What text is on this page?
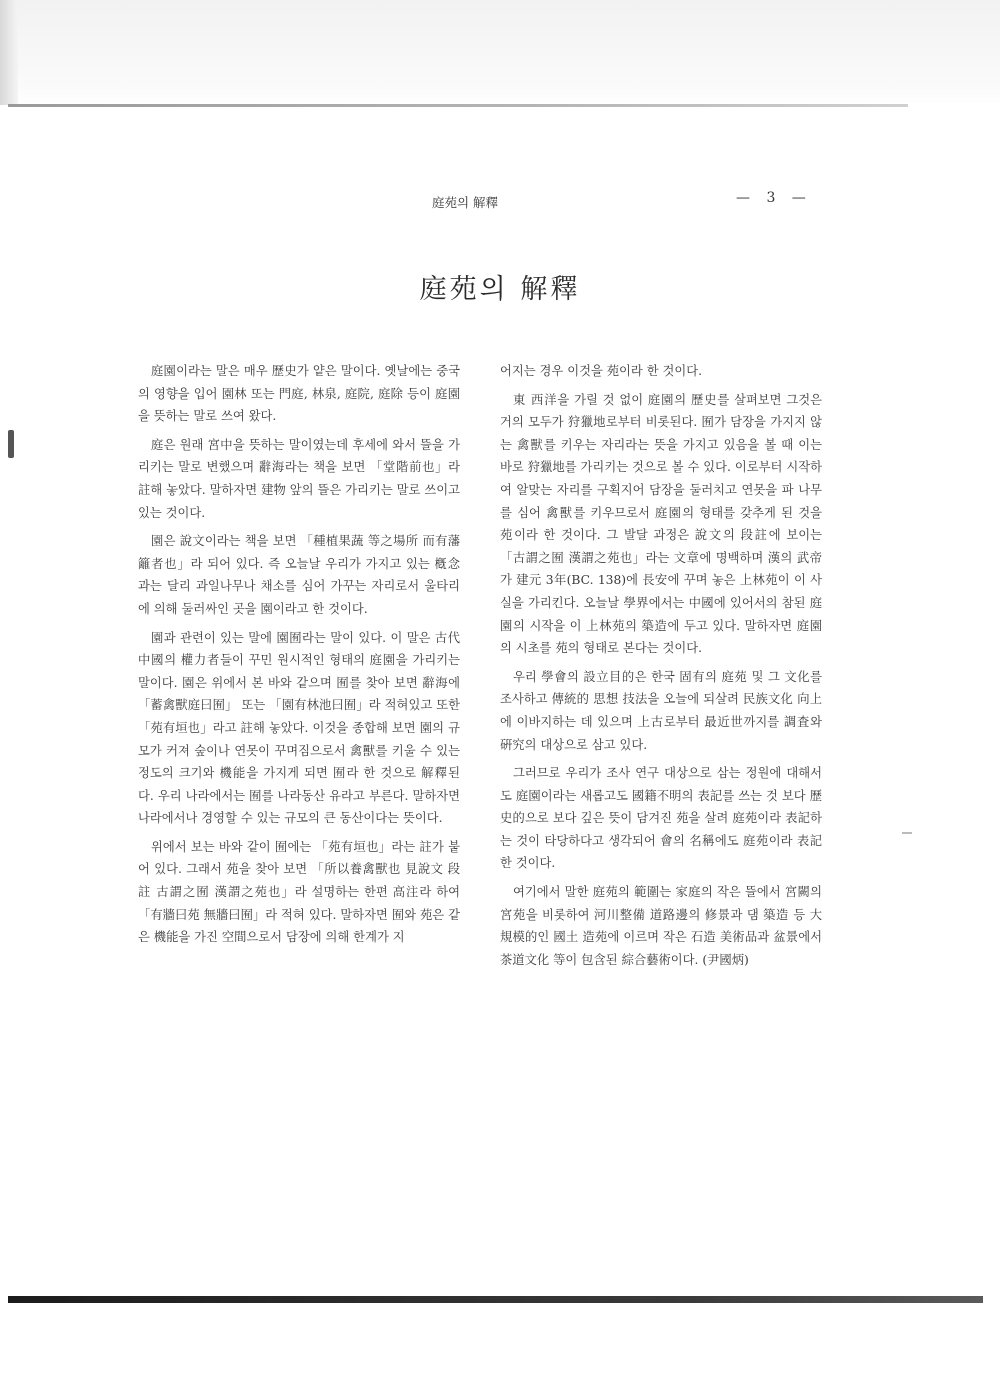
庭苑의 解釋	— 3 —
庭苑의 解釋

庭園이라는 말은 매우 歷史가 얕은 말이다. 옛날에는 중국의 영향을 입어 園林 또는 門庭, 林泉, 庭院, 庭除 등이 庭園을 뜻하는 말로 쓰여 왔다.

庭은 원래 宮中을 뜻하는 말이였는데 후세에 와서 뜰을 가리키는 말로 변했으며 辭海라는 책을 보면 「堂階前也」라 註해 놓았다. 말하자면 建物 앞의 뜰은 가리키는 말로 쓰이고 있는 것이다.

園은 說文이라는 책을 보면 「種植果蔬 等之場所 而有藩籬者也」라 되어 있다. 즉 오늘날 우리가 가지고 있는 槪念과는 달리 과일나무나 채소를 심어 가꾸는 자리로서 울타리에 의해 둘러싸인 곳을 園이라고 한 것이다.

園과 관련이 있는 말에 園囿라는 말이 있다. 이 말은 古代 中國의 權力者들이 꾸민 원시적인 형태의 庭園을 가리키는 말이다. 園은 위에서 본 바와 같으며 囿를 찾아 보면 辭海에 「蓄禽獸庭曰囿」 또는 「園有林池曰囿」라 적혀있고 또한 「苑有垣也」라고 註해 놓았다. 이것을 종합해 보면 園의 규모가 커져 숲이나 연못이 꾸며짐으로서 禽獸를 키울 수 있는 정도의 크기와 機能을 가지게 되면 囿라 한 것으로 解釋된다. 우리 나라에서는 囿를 나라동산 유라고 부른다. 말하자면 나라에서나 경영할 수 있는 규모의 큰 동산이다는 뜻이다.

위에서 보는 바와 같이 囿에는 「苑有垣也」라는 註가 붙어 있다. 그래서 苑을 찾아 보면 「所以養禽獸也 見說文 段註 古謂之囿 漢謂之苑也」라 설명하는 한편 高注라 하여 「有牆曰苑 無牆曰囿」라 적혀 있다. 말하자면 囿와 苑은 같은 機能을 가진 空間으로서 담장에 의해 한계가 지

어지는 경우 이것을 苑이라 한 것이다.

東 西洋을 가릴 것 없이 庭園의 歷史를 살펴보면 그것은 거의 모두가 狩獵地로부터 비롯된다. 囿가 담장을 가지지 않는 禽獸를 키우는 자리라는 뜻을 가지고 있음을 볼 때 이는 바로 狩獵地를 가리키는 것으로 볼 수 있다. 이로부터 시작하여 알맞는 자리를 구획지어 담장을 둘러치고 연못을 파 나무를 심어 禽獸를 키우므로서 庭園의 형태를 갖추게 된 것을 苑이라 한 것이다. 그 발달 과정은 說文의 段註에 보이는 「古謂之囿 漢謂之苑也」라는 文章에 명백하며 漢의 武帝가 建元 3年(BC. 138)에 長安에 꾸며 놓은 上林苑이 이 사실을 가리킨다. 오늘날 學界에서는 中國에 있어서의 참된 庭園의 시작을 이 上林苑의 築造에 두고 있다. 말하자면 庭園의 시초를 苑의 형태로 본다는 것이다.

우리 學會의 設立目的은 한국 固有의 庭苑 및 그 文化를 조사하고 傳統的 思想 技法을 오늘에 되살려 民族文化 向上에 이바지하는 데 있으며 上古로부터 最近世까지를 調査와 硏究의 대상으로 삼고 있다.

그러므로 우리가 조사 연구 대상으로 삼는 정원에 대해서도 庭園이라는 새롭고도 國籍不明의 表記를 쓰는 것 보다 歷史的으로 보다 깊은 뜻이 담겨진 苑을 살려 庭苑이라 表記하는 것이 타당하다고 생각되어 會의 名稱에도 庭苑이라 表記한 것이다.

여기에서 말한 庭苑의 範圍는 家庭의 작은 뜰에서 宮闕의 宮苑을 비롯하여 河川整備 道路邊의 修景과 댐 築造 등 大規模的인 國土 造苑에 이르며 작은 石造 美術品과 盆景에서 茶道文化 等이 包含된 綜合藝術이다. (尹國炳)
